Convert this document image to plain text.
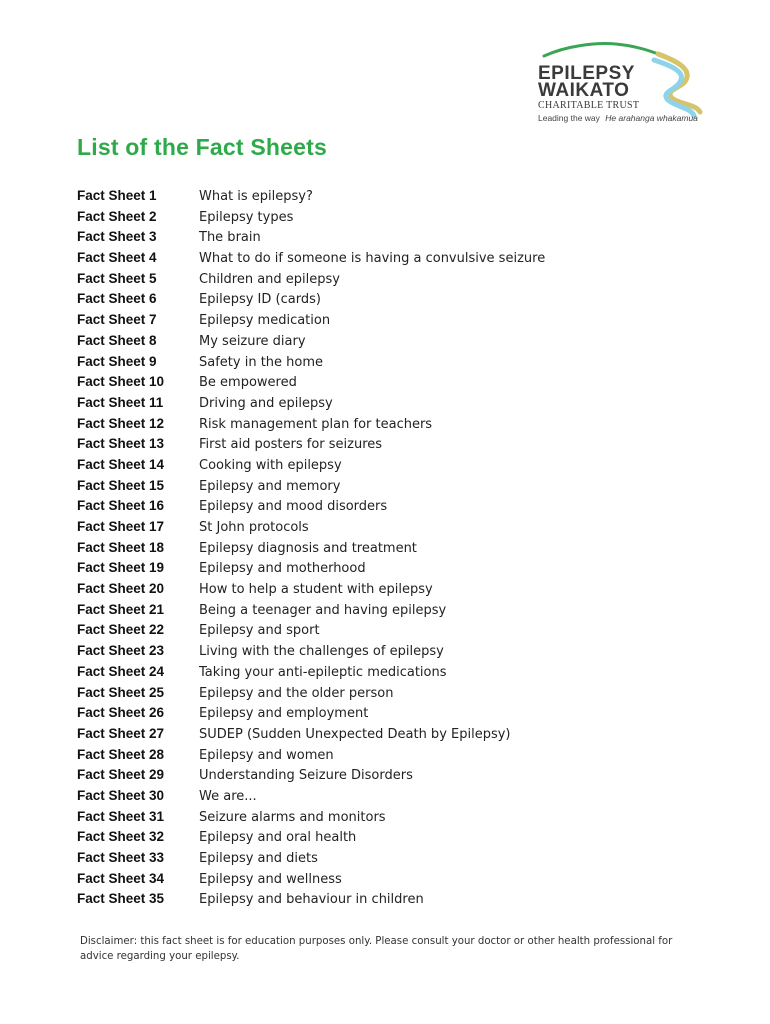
EPILEPSY
WAIKATO
CHARITABLE TRUST
Leading the way He arahanga whakamua
List of the Fact Sheets
Fact Sheet 1	What is epilepsy?
Fact Sheet 2	Epilepsy types
Fact Sheet 3	The brain
Fact Sheet 4	What to do if someone is having a convulsive seizure
Fact Sheet 5	Children and epilepsy
Fact Sheet 6	Epilepsy ID (cards)
Fact Sheet 7	Epilepsy medication
Fact Sheet 8	My seizure diary
Fact Sheet 9	Safety in the home
Fact Sheet 10	Be empowered
Fact Sheet 11	Driving and epilepsy
Fact Sheet 12	Risk management plan for teachers
Fact Sheet 13	First aid posters for seizures
Fact Sheet 14	Cooking with epilepsy
Fact Sheet 15	Epilepsy and memory
Fact Sheet 16	Epilepsy and mood disorders
Fact Sheet 17	St John protocols
Fact Sheet 18	Epilepsy diagnosis and treatment
Fact Sheet 19	Epilepsy and motherhood
Fact Sheet 20	How to help a student with epilepsy
Fact Sheet 21	Being a teenager and having epilepsy
Fact Sheet 22	Epilepsy and sport
Fact Sheet 23	Living with the challenges of epilepsy
Fact Sheet 24	Taking your anti-epileptic medications
Fact Sheet 25	Epilepsy and the older person
Fact Sheet 26	Epilepsy and employment
Fact Sheet 27	SUDEP (Sudden Unexpected Death by Epilepsy)
Fact Sheet 28	Epilepsy and women
Fact Sheet 29	Understanding Seizure Disorders
Fact Sheet 30	We are...
Fact Sheet 31	Seizure alarms and monitors
Fact Sheet 32	Epilepsy and oral health
Fact Sheet 33	Epilepsy and diets
Fact Sheet 34	Epilepsy and wellness
Fact Sheet 35	Epilepsy and behaviour in children
Disclaimer: this fact sheet is for education purposes only. Please consult your doctor or other health professional for advice regarding your epilepsy.
